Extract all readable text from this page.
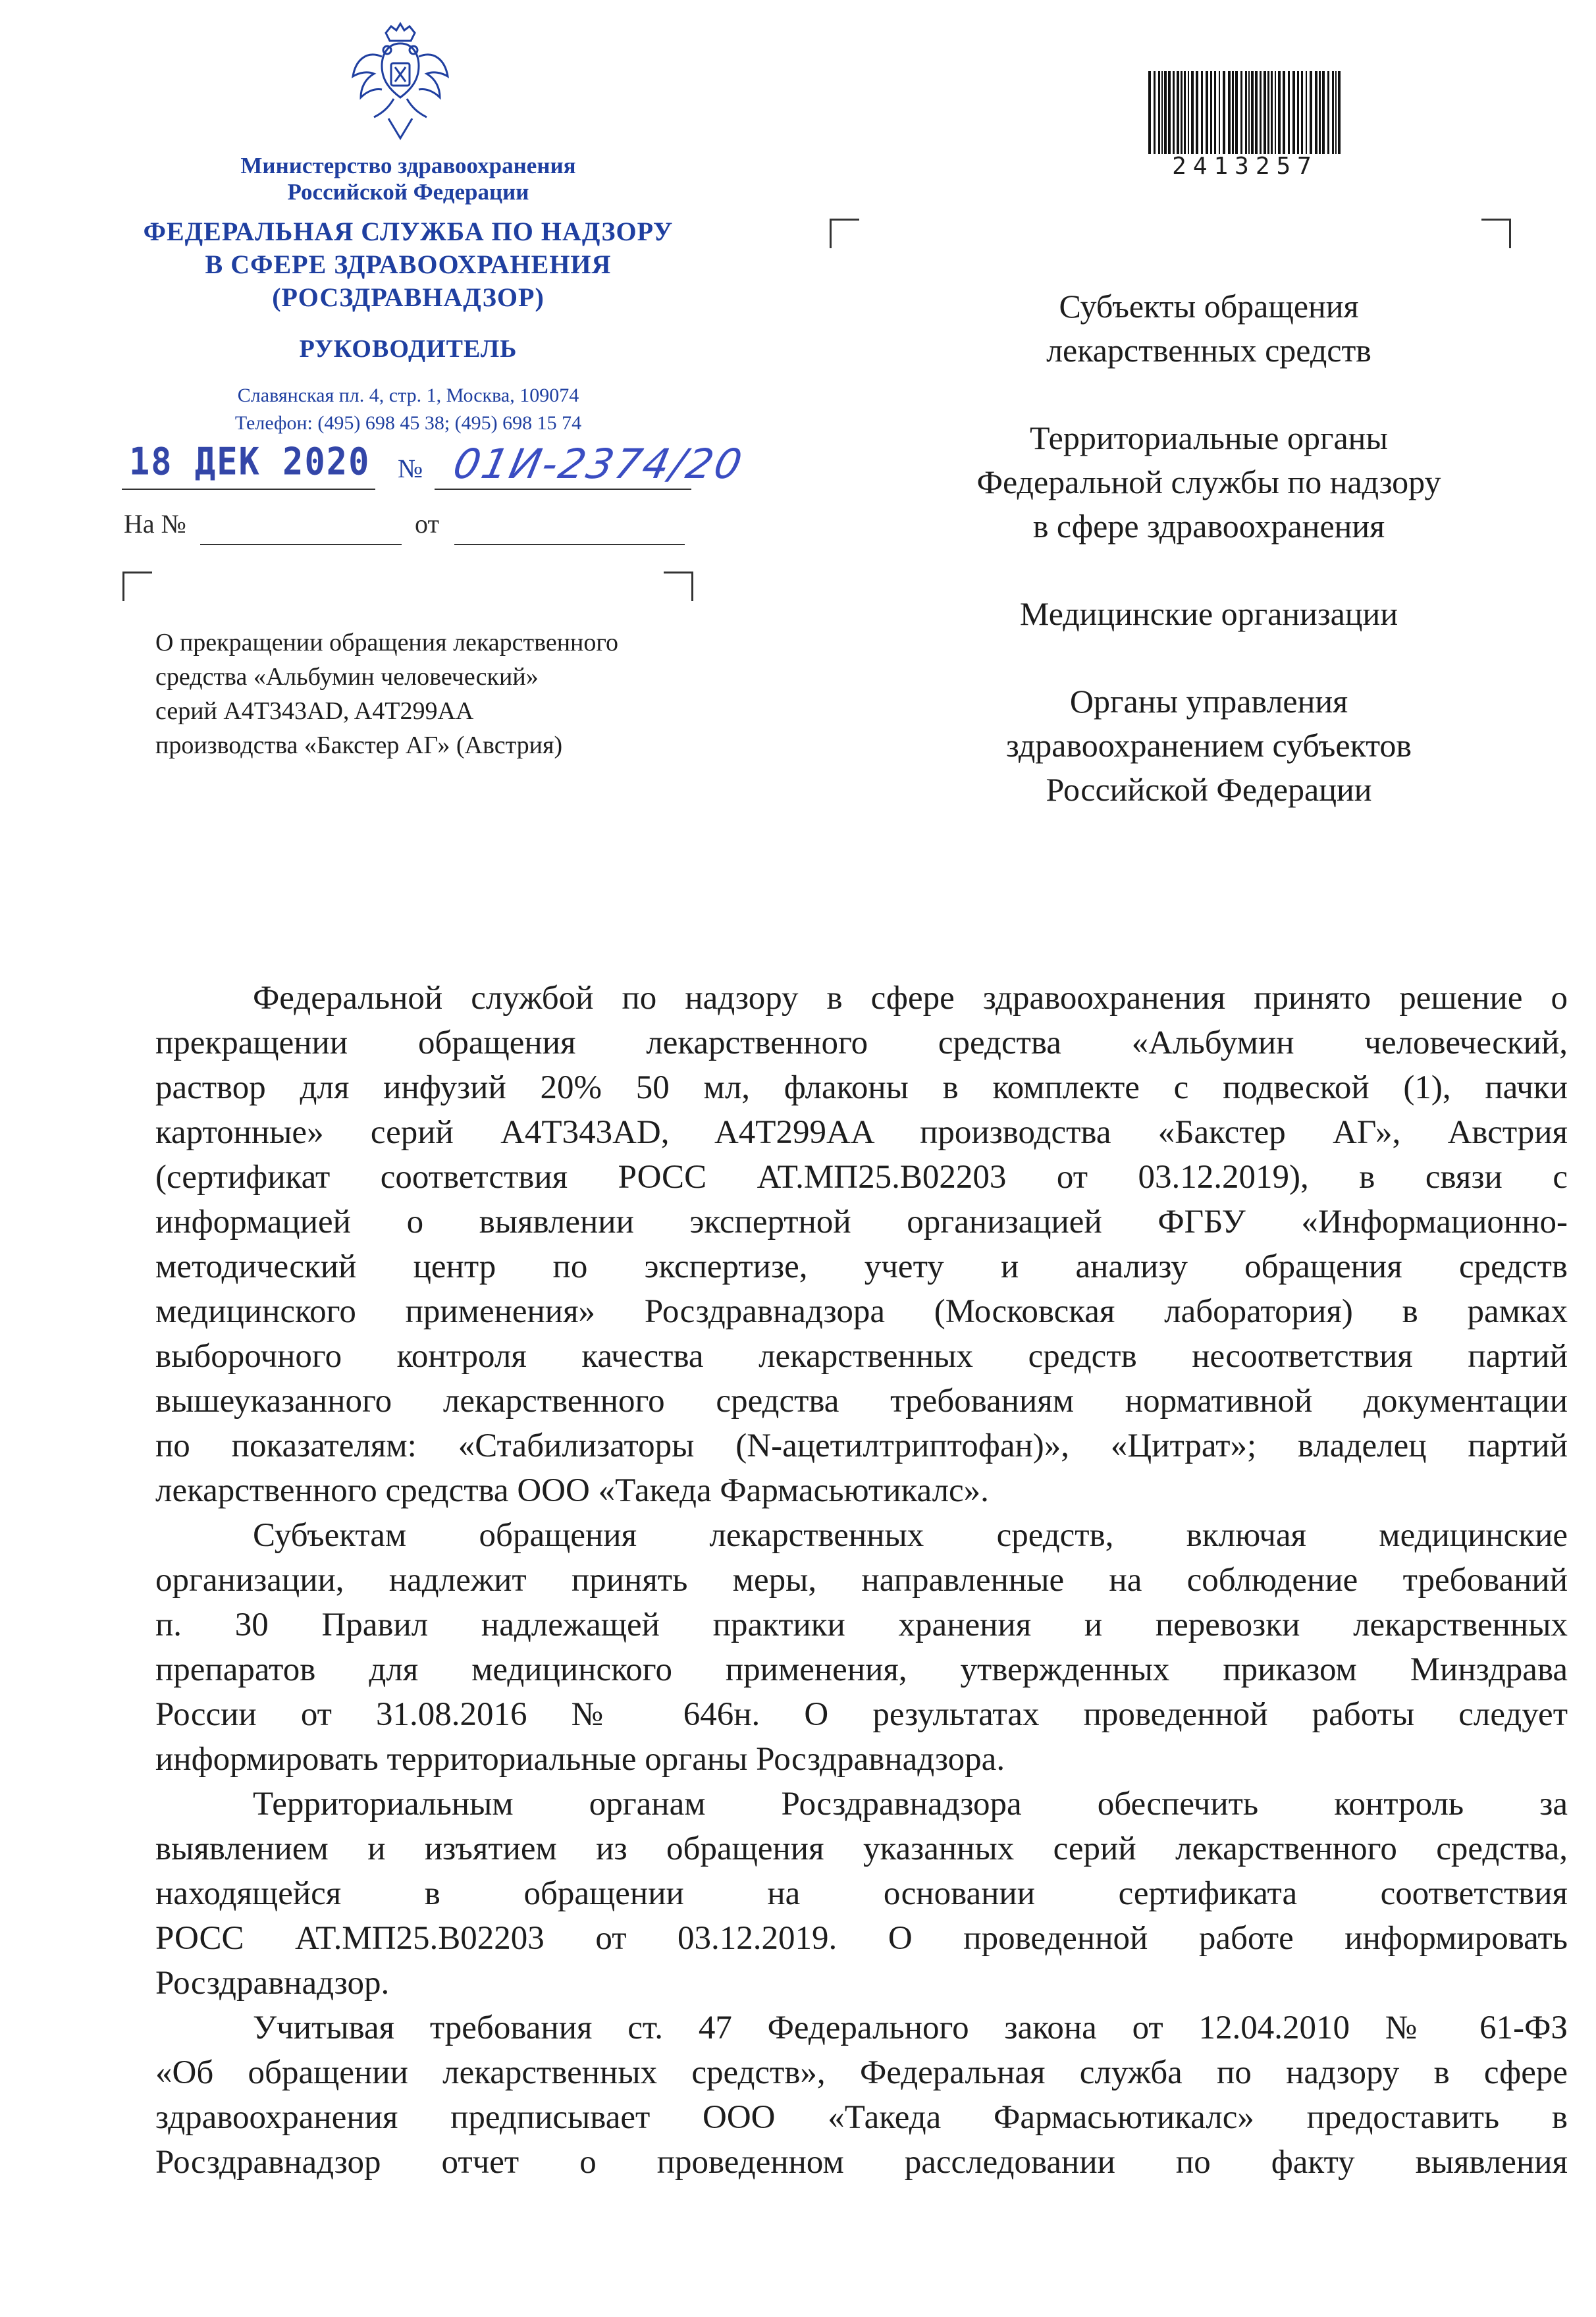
Министерство здравоохранения
Российской Федерации
ФЕДЕРАЛЬНАЯ СЛУЖБА ПО НАДЗОРУ
В СФЕРЕ ЗДРАВООХРАНЕНИЯ
(РОСЗДРАВНАДЗОР)
РУКОВОДИТЕЛЬ
Славянская пл. 4, стр. 1, Москва, 109074
Телефон: (495) 698 45 38; (495) 698 15 74
18 ДЕК 2020 № 01И-2374/20
На №	от
О прекращении обращения лекарственного
средства «Альбумин человеческий»
серий A4T343AD, A4T299AA
производства «Бакстер АГ» (Австрия)
2413257
Субъекты обращения
лекарственных средств
Территориальные органы
Федеральной службы по надзору
в сфере здравоохранения
Медицинские организации
Органы управления
здравоохранением субъектов
Российской Федерации
Федеральной службой по надзору в сфере здравоохранения принято решение о
прекращении обращения лекарственного средства «Альбумин человеческий,
раствор для инфузий 20% 50 мл, флаконы в комплекте с подвеской (1), пачки
картонные» серий A4T343AD, A4T299AA производства «Бакстер АГ», Австрия
(сертификат соответствия РОСС AT.МП25.В02203 от 03.12.2019), в связи с
информацией о выявлении экспертной организацией ФГБУ «Информационно-
методический центр по экспертизе, учету и анализу обращения средств
медицинского применения» Росздравнадзора (Московская лаборатория) в рамках
выборочного контроля качества лекарственных средств несоответствия партий
вышеуказанного лекарственного средства требованиям нормативной документации
по показателям: «Стабилизаторы (N-ацетилтриптофан)», «Цитрат»; владелец партий
лекарственного средства ООО «Такеда Фармасьютикалс».
Субъектам обращения лекарственных средств, включая медицинские
организации, надлежит принять меры, направленные на соблюдение требований
п. 30 Правил надлежащей практики хранения и перевозки лекарственных
препаратов для медицинского применения, утвержденных приказом Минздрава
России от 31.08.2016 № 646н. О результатах проведенной работы следует
информировать территориальные органы Росздравнадзора.
Территориальным органам Росздравнадзора обеспечить контроль за
выявлением и изъятием из обращения указанных серий лекарственного средства,
находящейся в обращении на основании сертификата соответствия
РОСС AT.МП25.В02203 от 03.12.2019. О проведенной работе информировать
Росздравнадзор.
Учитывая требования ст. 47 Федерального закона от 12.04.2010 № 61-ФЗ
«Об обращении лекарственных средств», Федеральная служба по надзору в сфере
здравоохранения предписывает ООО «Такеда Фармасьютикалс» предоставить в
Росздравнадзор отчет о проведенном расследовании по факту выявления
